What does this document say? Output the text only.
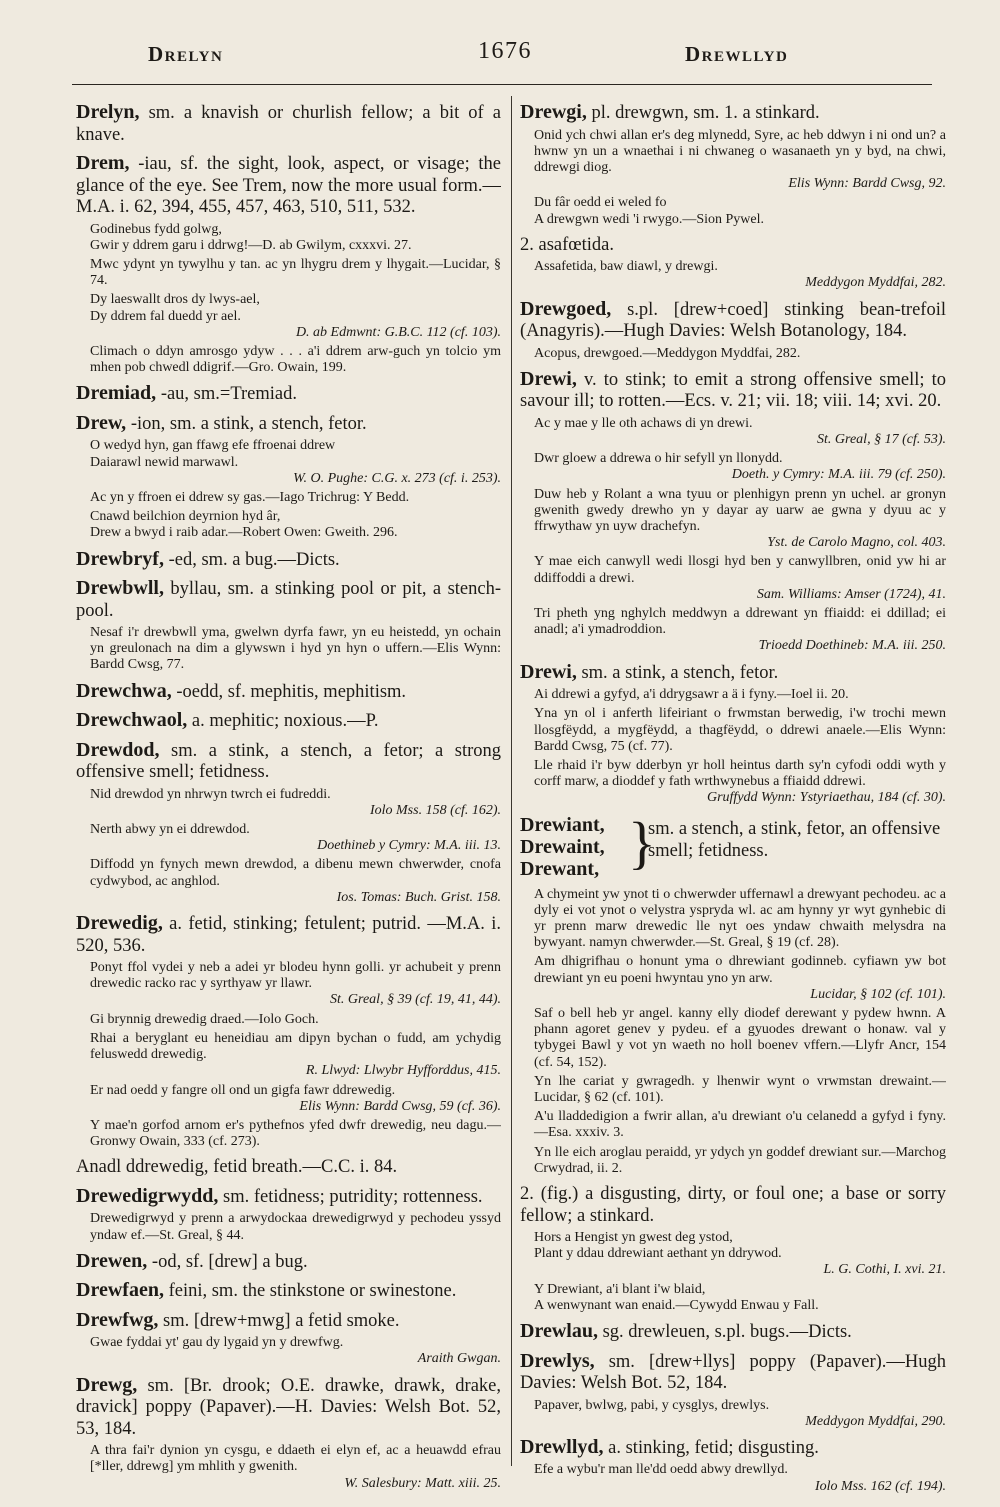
Drelyn	1676	Drewllyd

Drelyn, sm. a knavish or churlish fellow; a bit of a knave.

Drem, -iau, sf. the sight, look, aspect, or visage; the glance of the eye. See Trem, now the more usual form.—M.A. i. 62, 394, 455, 457, 463, 510, 511, 532.

Godinebus fydd golwg,
Gwir y ddrem garu i ddrwg!—D. ab Gwilym, cxxxvi. 27.
Mwc ydynt yn tywylhu y tan. ac yn lhygru drem y lhygait.—Lucidar, § 74.
Dy laeswallt dros dy lwys-ael,
Dy ddrem fal duedd yr ael.
D. ab Edmwnt: G.B.C. 112 (cf. 103).
Climach o ddyn amrosgo ydyw . . . a'i ddrem arw-guch yn tolcio ym mhen pob chwedl ddigrif.—Gro. Owain, 199.

Dremiad, -au, sm.=Tremiad.

Drew, -ion, sm. a stink, a stench, fetor.

O wedyd hyn, gan ffawg efe ffroenai ddrew
Daiarawl newid marwawl.
W. O. Pughe: C.G. x. 273 (cf. i. 253).
Ac yn y ffroen ei ddrew sy gas.—Iago Trichrug: Y Bedd.
Cnawd beilchion deyrnion hyd âr,
Drew a bwyd i raib adar.—Robert Owen: Gweith. 296.

Drewbryf, -ed, sm. a bug.—Dicts.

Drewbwll, byllau, sm. a stinking pool or pit, a stench-pool.

Nesaf i'r drewbwll yma, gwelwn dyrfa fawr, yn eu heistedd, yn ochain yn greulonach na dim a glywswn i hyd yn hyn o uffern.—Elis Wynn: Bardd Cwsg, 77.

Drewchwa, -oedd, sf. mephitis, mephitism.

Drewchwaol, a. mephitic; noxious.—P.

Drewdod, sm. a stink, a stench, a fetor; a strong offensive smell; fetidness.

Nid drewdod yn nhrwyn twrch ei fudreddi.
Iolo Mss. 158 (cf. 162).
Nerth abwy yn ei ddrewdod.
Doethineb y Cymry: M.A. iii. 13.
Diffodd yn fynych mewn drewdod, a dibenu mewn chwerwder, cnofa cydwybod, ac anghlod.
Ios. Tomas: Buch. Grist. 158.

Drewedig, a. fetid, stinking; fetulent; putrid. —M.A. i. 520, 536.

Ponyt ffol vydei y neb a adei yr blodeu hynn golli. yr achubeit y prenn drewedic racko rac y syrthyaw yr llawr.
St. Greal, § 39 (cf. 19, 41, 44).
Gi brynnig drewedig draed.—Iolo Goch.
Rhai a beryglant eu heneidiau am dipyn bychan o fudd, am ychydig feluswedd drewedig.
R. Llwyd: Llwybr Hyfforddus, 415.
Er nad oedd y fangre oll ond un gigfa fawr ddrewedig.
Elis Wynn: Bardd Cwsg, 59 (cf. 36).
Y mae'n gorfod arnom er's pythefnos yfed dwfr drewedig, neu dagu.—Gronwy Owain, 333 (cf. 273).

Anadl ddrewedig, fetid breath.—C.C. i. 84.

Drewedigrwydd, sm. fetidness; putridity; rottenness.

Drewedigrwyd y prenn a arwydockaa drewedigrwyd y pechodeu yssyd yndaw ef.—St. Greal, § 44.

Drewen, -od, sf. [drew] a bug.

Drewfaen, feini, sm. the stinkstone or swinestone.

Drewfwg, sm. [drew+mwg] a fetid smoke.

Gwae fyddai yt' gau dy lygaid yn y drewfwg.
Araith Gwgan.

Drewg, sm. [Br. drook; O.E. drawke, drawk, drake, dravick] poppy (Papaver).—H. Davies: Welsh Bot. 52, 53, 184.

A thra fai'r dynion yn cysgu, e ddaeth ei elyn ef, ac a heuawdd efrau [*ller, ddrewg] ym mhlith y gwenith.
W. Salesbury: Matt. xiii. 25.

Drewgi, pl. drewgwn, sm. 1. a stinkard.

Onid ych chwi allan er's deg mlynedd, Syre, ac heb ddwyn i ni ond un? a hwnw yn un a wnaethai i ni chwaneg o wasanaeth yn y byd, na chwi, ddrewgi diog.
Elis Wynn: Bardd Cwsg, 92.
Du fâr oedd ei weled fo
A drewgwn wedi 'i rwygo.—Sion Pywel.

2. asafœtida.

Assafetida, baw diawl, y drewgi.
Meddygon Myddfai, 282.

Drewgoed, s.pl. [drew+coed] stinking bean-trefoil (Anagyris).—Hugh Davies: Welsh Botanology, 184.

Acopus, drewgoed.—Meddygon Myddfai, 282.

Drewi, v. to stink; to emit a strong offensive smell; to savour ill; to rotten.—Ecs. v. 21; vii. 18; viii. 14; xvi. 20.

Ac y mae y lle oth achaws di yn drewi.
St. Greal, § 17 (cf. 53).
Dwr gloew a ddrewa o hir sefyll yn llonydd.
Doeth. y Cymry: M.A. iii. 79 (cf. 250).
Duw heb y Rolant a wna tyuu or plenhigyn prenn yn uchel. ar gronyn gwenith gwedy drewho yn y dayar ay uarw ae gwna y dyuu ac y ffrwythaw yn uyw drachefyn.
Yst. de Carolo Magno, col. 403.
Y mae eich canwyll wedi llosgi hyd ben y canwyllbren, onid yw hi ar ddiffoddi a drewi.
Sam. Williams: Amser (1724), 41.
Tri pheth yng nghylch meddwyn a ddrewant yn ffiaidd: ei ddillad; ei anadl; a'i ymadroddion.
Trioedd Doethineb: M.A. iii. 250.

Drewi, sm. a stink, a stench, fetor.

Ai ddrewi a gyfyd, a'i ddrygsawr a ä i fyny.—Ioel ii. 20.
Yna yn ol i anferth lifeiriant o frwmstan berwedig, i'w trochi mewn llosgfëydd, a mygfëydd, a thagfëydd, o ddrewi anaele.—Elis Wynn: Bardd Cwsg, 75 (cf. 77).
Lle rhaid i'r byw dderbyn yr holl heintus darth sy'n cyfodi oddi wyth y corff marw, a dioddef y fath wrthwynebus a ffiaidd ddrewi.
Gruffydd Wynn: Ystyriaethau, 184 (cf. 30).
Drewiant,
Drewaint,
Drewant, }
sm. a stench, a stink, fetor, an offensive smell; fetidness.
A chymeint yw ynot ti o chwerwder uffernawl a drewyant pechodeu. ac a dyly ei vot ynot o velystra yspryda wl. ac am hynny yr wyt gynhebic di yr prenn marw drewedic lle nyt oes yndaw chwaith melysdra na bywyant. namyn chwerwder.—St. Greal, § 19 (cf. 28).
Am dhigrifhau o honunt yma o dhrewiant godinneb. cyfiawn yw bot drewiant yn eu poeni hwyntau yno yn arw.
Lucidar, § 102 (cf. 101).
Saf o bell heb yr angel. kanny elly diodef derewant y pydew hwnn. A phann agoret genev y pydeu. ef a gyuodes drewant o honaw. val y tybygei Bawl y vot yn waeth no holl boenev vffern.—Llyfr Ancr, 154 (cf. 54, 152).
Yn lhe cariat y gwragedh. y lhenwir wynt o vrwmstan drewaint.—Lucidar, § 62 (cf. 101).
A'u lladdedigion a fwrir allan, a'u drewiant o'u celanedd a gyfyd i fyny.—Esa. xxxiv. 3.
Yn lle eich aroglau peraidd, yr ydych yn goddef drewiant sur.—Marchog Crwydrad, ii. 2.

2. (fig.) a disgusting, dirty, or foul one; a base or sorry fellow; a stinkard.

Hors a Hengist yn gwest deg ystod,
Plant y ddau ddrewiant aethant yn ddrywod.
L. G. Cothi, I. xvi. 21.
Y Drewiant, a'i blant i'w blaid,
A wenwynant wan enaid.—Cywydd Enwau y Fall.

Drewlau, sg. drewleuen, s.pl. bugs.—Dicts.

Drewlys, sm. [drew+llys] poppy (Papaver).—Hugh Davies: Welsh Bot. 52, 184.

Papaver, bwlwg, pabi, y cysglys, drewlys.
Meddygon Myddfai, 290.

Drewllyd, a. stinking, fetid; disgusting.

Efe a wybu'r man lle'dd oedd abwy drewllyd.
Iolo Mss. 162 (cf. 194).
